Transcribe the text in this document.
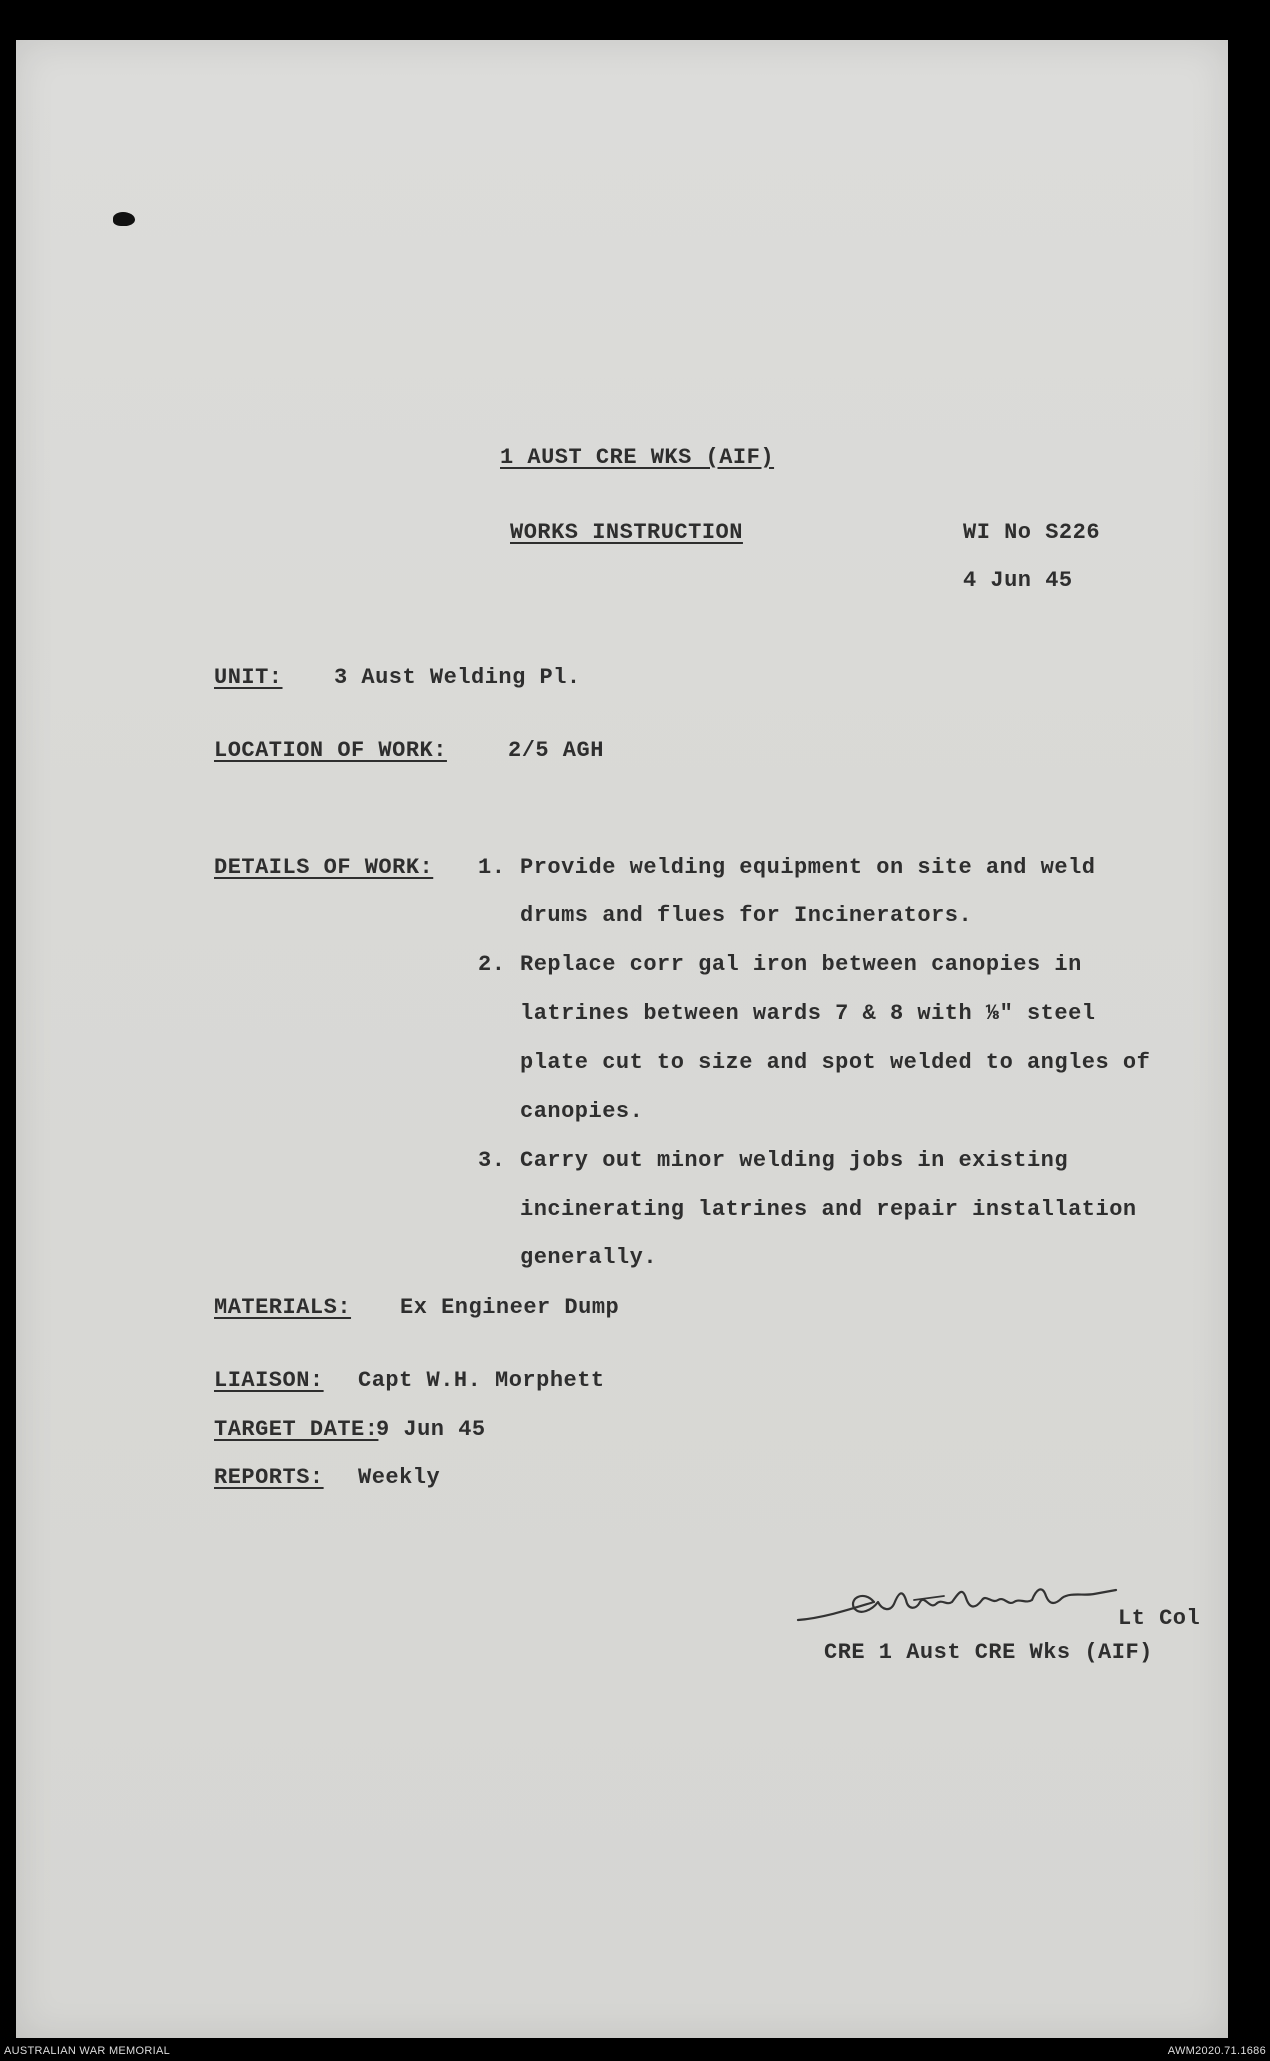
1 AUST CRE WKS (AIF)
WORKS INSTRUCTION	WI No S226
4 Jun 45
UNIT: 3 Aust Welding Pl.
LOCATION OF WORK:	2/5 AGH
DETAILS OF WORK: 1. Provide welding equipment on site and weld
drums and flues for Incinerators.
2. Replace corr gal iron between canopies in
latrines between wards 7 & 8 with ⅛" steel
plate cut to size and spot welded to angles of
canopies.
3. Carry out minor welding jobs in existing
incinerating latrines and repair installation
generally.
MATERIALS: Ex Engineer Dump
LIAISON: Capt W.H. Morphett
TARGET DATE:
9 Jun 45
REPORTS: Weekly
Lt Col
CRE 1 Aust CRE Wks (AIF)
AUSTRALIAN WAR MEMORIAL	AWM2020.71.1686
